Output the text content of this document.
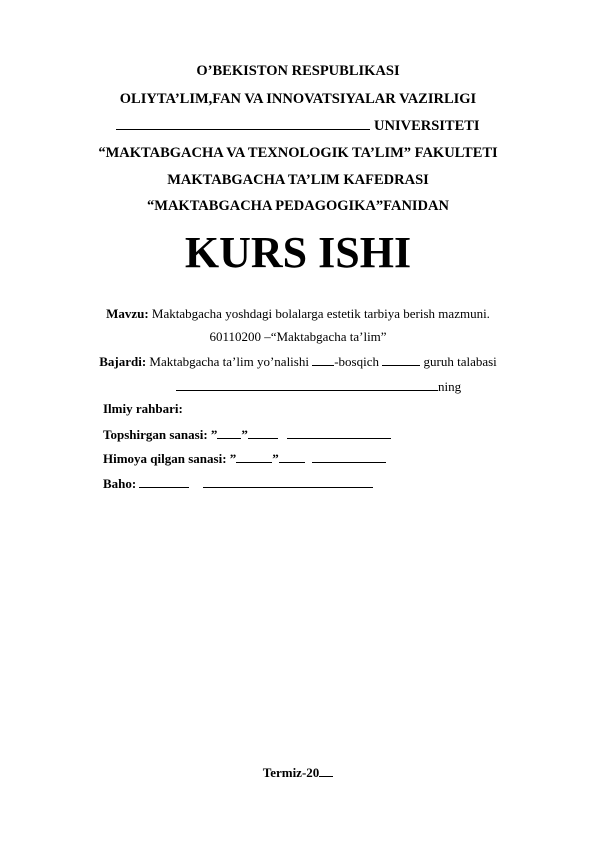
O’BEKISTON RESPUBLIKASI
OLIYTA’LIM,FAN VA INNOVATSIYALAR VAZIRLIGI
UNIVERSITETI
“MAKTABGACHA VA TEXNOLOGIK TA’LIM” FAKULTETI
MAKTABGACHA TA’LIM KAFEDRASI
“MAKTABGACHA PEDAGOGIKA”FANIDAN
KURS ISHI
Mavzu: Maktabgacha yoshdagi bolalarga estetik tarbiya berish mazmuni.
60110200 –“Maktabgacha ta’lim”
Bajardi: Maktabgacha ta’lim yo’nalishi -bosqich	guruh talabasi
ning
Ilmiy rahbari:
Topshirgan sanasi: ” ”
Himoya qilgan sanasi: ”	”
Baho:
Termiz-20
